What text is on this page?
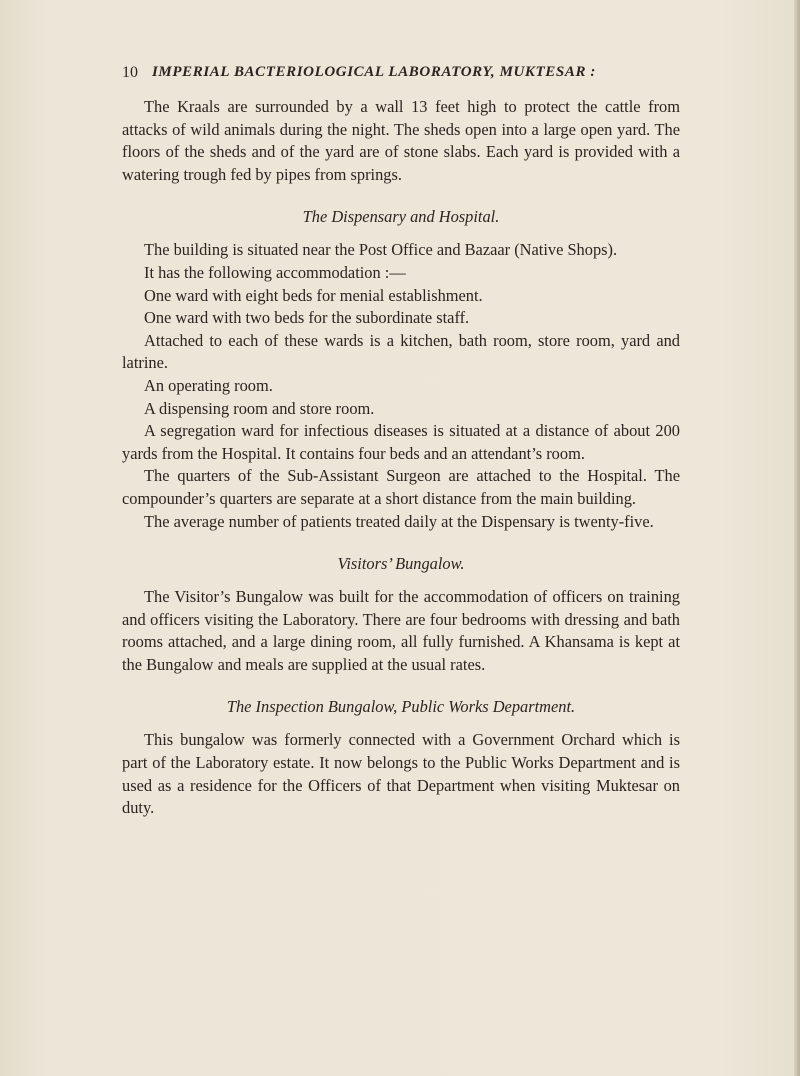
10 IMPERIAL BACTERIOLOGICAL LABORATORY, MUKTESAR :

The Kraals are surrounded by a wall 13 feet high to protect the cattle from attacks of wild animals during the night. The sheds open into a large open yard. The floors of the sheds and of the yard are of stone slabs. Each yard is provided with a watering trough fed by pipes from springs.

The Dispensary and Hospital.

The building is situated near the Post Office and Bazaar (Native Shops).

It has the following accommodation :—

One ward with eight beds for menial establishment.

One ward with two beds for the subordinate staff.

Attached to each of these wards is a kitchen, bath room, store room, yard and latrine.

An operating room.

A dispensing room and store room.

A segregation ward for infectious diseases is situated at a distance of about 200 yards from the Hospital. It contains four beds and an attendant’s room.

The quarters of the Sub-Assistant Surgeon are attached to the Hospital. The compounder’s quarters are separate at a short distance from the main building.

The average number of patients treated daily at the Dispensary is twenty-five.

Visitors’ Bungalow.

The Visitor’s Bungalow was built for the accommodation of officers on training and officers visiting the Laboratory. There are four bedrooms with dressing and bath rooms attached, and a large dining room, all fully furnished. A Khansama is kept at the Bungalow and meals are supplied at the usual rates.

The Inspection Bungalow, Public Works Department.

This bungalow was formerly connected with a Government Orchard which is part of the Laboratory estate. It now belongs to the Public Works Department and is used as a residence for the Officers of that Department when visiting Muktesar on duty.
